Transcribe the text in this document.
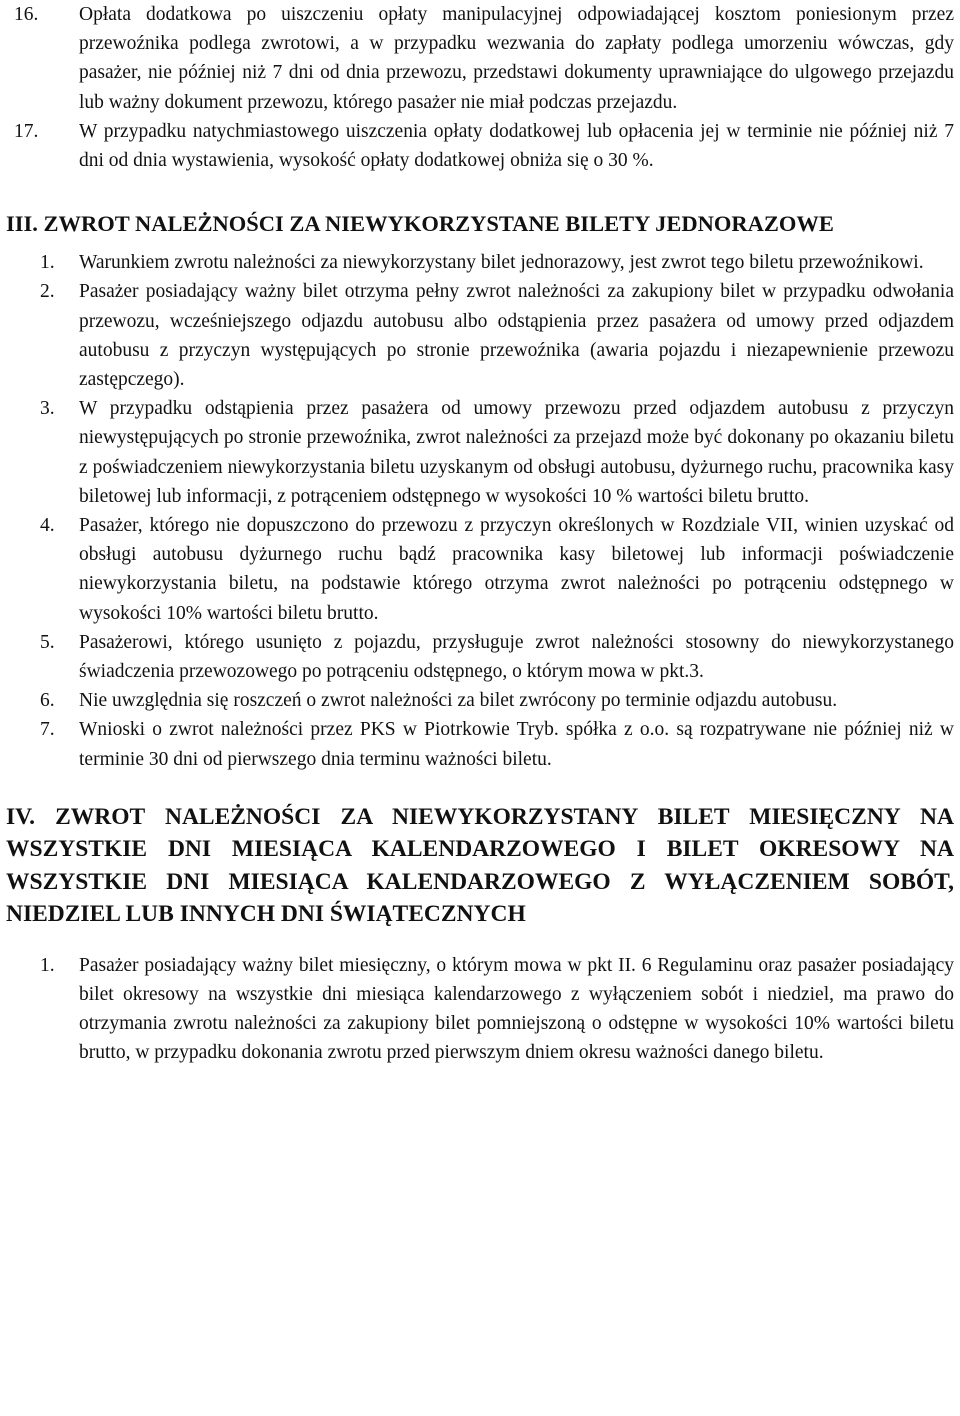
16. Opłata dodatkowa po uiszczeniu opłaty manipulacyjnej odpowiadającej kosztom poniesionym przez przewoźnika podlega zwrotowi, a w przypadku wezwania do zapłaty podlega umorzeniu wówczas, gdy pasażer, nie później niż 7 dni od dnia przewozu, przedstawi dokumenty uprawniające do ulgowego przejazdu lub ważny dokument przewozu, którego pasażer nie miał podczas przejazdu.
17. W przypadku natychmiastowego uiszczenia opłaty dodatkowej lub opłacenia jej w terminie nie później niż 7 dni od dnia wystawienia, wysokość opłaty dodatkowej obniża się o 30 %.
III. ZWROT NALEŻNOŚCI ZA NIEWYKORZYSTANE BILETY JEDNORAZOWE
1. Warunkiem zwrotu należności za niewykorzystany bilet jednorazowy, jest zwrot tego biletu przewoźnikowi.
2. Pasażer posiadający ważny bilet otrzyma pełny zwrot należności za zakupiony bilet w przypadku odwołania przewozu, wcześniejszego odjazdu autobusu albo odstąpienia przez pasażera od umowy przed odjazdem autobusu z przyczyn występujących po stronie przewoźnika (awaria pojazdu i niezapewnienie przewozu zastępczego).
3. W przypadku odstąpienia przez pasażera od umowy przewozu przed odjazdem autobusu z przyczyn niewystępujących po stronie przewoźnika, zwrot należności za przejazd może być dokonany po okazaniu biletu z poświadczeniem niewykorzystania biletu uzyskanym od obsługi autobusu, dyżurnego ruchu, pracownika kasy biletowej lub informacji, z potrąceniem odstępnego w wysokości 10 % wartości biletu brutto.
4. Pasażer, którego nie dopuszczono do przewozu z przyczyn określonych w Rozdziale VII, winien uzyskać od obsługi autobusu dyżurnego ruchu bądź pracownika kasy biletowej lub informacji poświadczenie niewykorzystania biletu, na podstawie którego otrzyma zwrot należności po potrąceniu odstępnego w wysokości 10% wartości biletu brutto.
5. Pasażerowi, którego usunięto z pojazdu, przysługuje zwrot należności stosowny do niewykorzystanego świadczenia przewozowego po potrąceniu odstępnego, o którym mowa w pkt.3.
6. Nie uwzględnia się roszczeń o zwrot należności za bilet zwrócony po terminie odjazdu autobusu.
7. Wnioski o zwrot należności przez PKS w Piotrkowie Tryb. spółka z o.o. są rozpatrywane nie później niż w terminie 30 dni od pierwszego dnia terminu ważności biletu.
IV. ZWROT NALEŻNOŚCI ZA NIEWYKORZYSTANY BILET MIESIĘCZNY NA WSZYSTKIE DNI MIESIĄCA KALENDARZOWEGO I BILET OKRESOWY NA WSZYSTKIE DNI MIESIĄCA KALENDARZOWEGO Z WYŁĄCZENIEM SOBÓT, NIEDZIEL LUB INNYCH DNI ŚWIĄTECZNYCH
1. Pasażer posiadający ważny bilet miesięczny, o którym mowa w pkt II. 6 Regulaminu oraz pasażer posiadający bilet okresowy na wszystkie dni miesiąca kalendarzowego z wyłączeniem sobót i niedziel, ma prawo do otrzymania zwrotu należności za zakupiony bilet pomniejszoną o odstępne w wysokości 10% wartości biletu brutto, w przypadku dokonania zwrotu przed pierwszym dniem okresu ważności danego biletu.
